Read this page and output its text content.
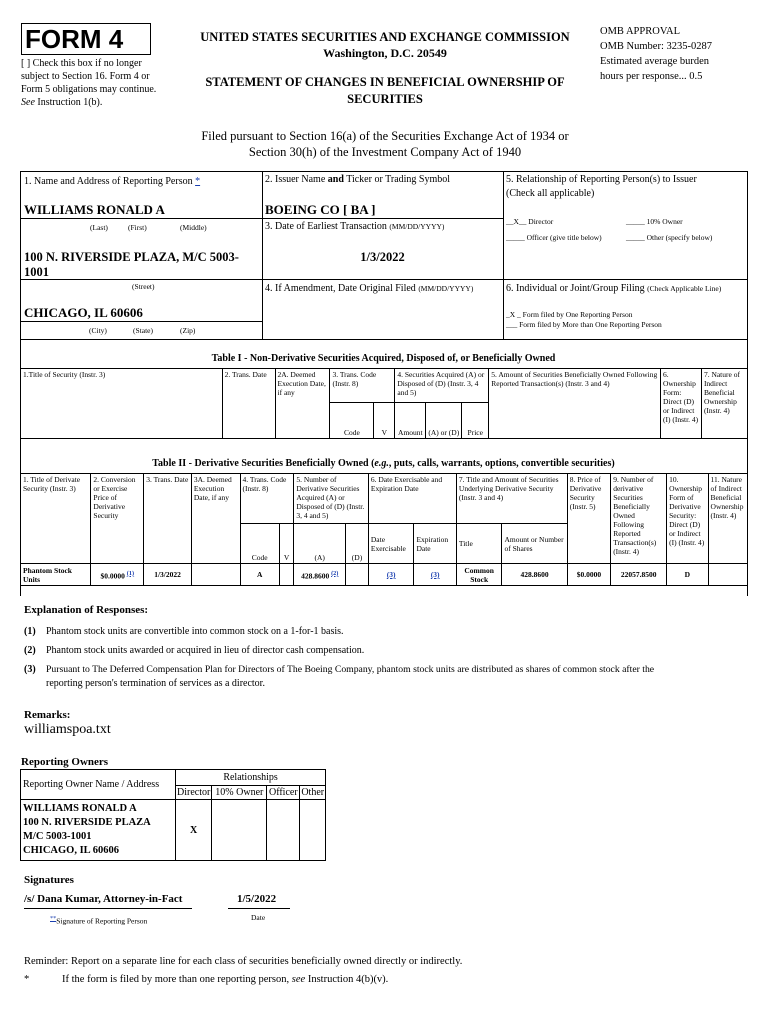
FORM 4
[ ] Check this box if no longer subject to Section 16. Form 4 or Form 5 obligations may continue. See Instruction 1(b).
UNITED STATES SECURITIES AND EXCHANGE COMMISSION
Washington, D.C. 20549
STATEMENT OF CHANGES IN BENEFICIAL OWNERSHIP OF
SECURITIES
OMB APPROVAL
OMB Number: 3235-0287
Estimated average burden
hours per response... 0.5
Filed pursuant to Section 16(a) of the Securities Exchange Act of 1934 or
Section 30(h) of the Investment Company Act of 1940
1. Name and Address of Reporting Person *
WILLIAMS RONALD A
(Last)	(First)	(Middle)
100 N. RIVERSIDE PLAZA, M/C 5003-
1001
(Street)
CHICAGO, IL 60606
(City)	(State)	(Zip)
2. Issuer Name and Ticker or Trading Symbol
BOEING CO [ BA ]
3. Date of Earliest Transaction (MM/DD/YYYY)
1/3/2022
4. If Amendment, Date Original Filed (MM/DD/YYYY)
5. Relationship of Reporting Person(s) to Issuer
(Check all applicable)
__X__ Director	_____ 10% Owner
_____ Officer (give title below)	_____ Other (specify below)
6. Individual or Joint/Group Filing (Check Applicable Line)
_X _ Form filed by One Reporting Person
___ Form filed by More than One Reporting Person
Table I - Non-Derivative Securities Acquired, Disposed of, or Beneficially Owned
1.Title of Security (Instr. 3)	2. Trans. Date	2A. Deemed Execution Date, if any	3. Trans. Code (Instr. 8)		4. Securities Acquired (A) or Disposed of (D) (Instr. 3, 4 and 5)			5. Amount of Securities Beneficially Owned Following Reported Transaction(s) (Instr. 3 and 4)	6. Ownership Form: Direct (D) or Indirect (I) (Instr. 4)	7. Nature of Indirect Beneficial Ownership (Instr. 4)
			Code	V	Amount	(A) or (D)	Price			
Table II - Derivative Securities Beneficially Owned (e.g., puts, calls, warrants, options, convertible securities)
1. Title of Derivate Security (Instr. 3)	2. Conversion or Exercise Price of Derivative Security	3. Trans. Date	3A. Deemed Execution Date, if any	4. Trans. Code (Instr. 8)		5. Number of Derivative Securities Acquired (A) or Disposed of (D) (Instr. 3, 4 and 5)		6. Date Exercisable and Expiration Date		7. Title and Amount of Securities Underlying Derivative Security (Instr. 3 and 4)		8. Price of Derivative Security (Instr. 5)	9. Number of derivative Securities Beneficially Owned Following Reported Transaction(s) (Instr. 4)	10. Ownership Form of Derivative Security: Direct (D) or Indirect (I) (Instr. 4)	11. Nature of Indirect Beneficial Ownership (Instr. 4)
				Code	V	(A)	(D)	Date Exercisable	Expiration Date	Title	Amount or Number of Shares				
Phantom Stock Units	$0.0000 $^{(1)}$	1/3/2022		A		428.8600 $^{(2)}$		(3)	(3)	Common Stock	428.8600	$0.0000	22057.8500	D	
Explanation of Responses:
(1)	Phantom stock units are convertible into common stock on a 1-for-1 basis.
(2)	Phantom stock units awarded or acquired in lieu of director cash compensation.
(3)	Pursuant to The Deferred Compensation Plan for Directors of The Boeing Company, phantom stock units are distributed as shares of common stock after the
reporting person's termination of services as a director.
Remarks:
williamspoa.txt
Reporting Owners
Reporting Owner Name / Address	Relationships			
	Director	10% Owner	Officer	Other

WILLIAMS RONALD A
100 N. RIVERSIDE PLAZA
M/C 5003-1001
CHICAGO, IL 60606	X			
Signatures
/s/ Dana Kumar, Attorney-in-Fact	1/5/2022
**Signature of Reporting Person	Date
Reminder: Report on a separate line for each class of securities beneficially owned directly or indirectly.
*	If the form is filed by more than one reporting person, see Instruction 4(b)(v).
